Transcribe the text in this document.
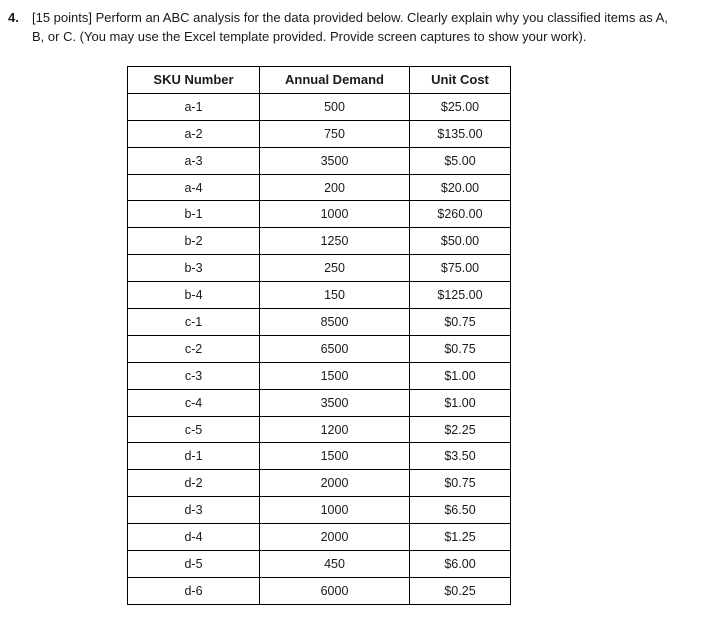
4. [15 points] Perform an ABC analysis for the data provided below. Clearly explain why you classified items as A, B, or C. (You may use the Excel template provided. Provide screen captures to show your work).
SKU Number	Annual Demand	Unit Cost
a-1	500	$25.00
a-2	750	$135.00
a-3	3500	$5.00
a-4	200	$20.00
b-1	1000	$260.00
b-2	1250	$50.00
b-3	250	$75.00
b-4	150	$125.00
c-1	8500	$0.75
c-2	6500	$0.75
c-3	1500	$1.00
c-4	3500	$1.00
c-5	1200	$2.25
d-1	1500	$3.50
d-2	2000	$0.75
d-3	1000	$6.50
d-4	2000	$1.25
d-5	450	$6.00
d-6	6000	$0.25
